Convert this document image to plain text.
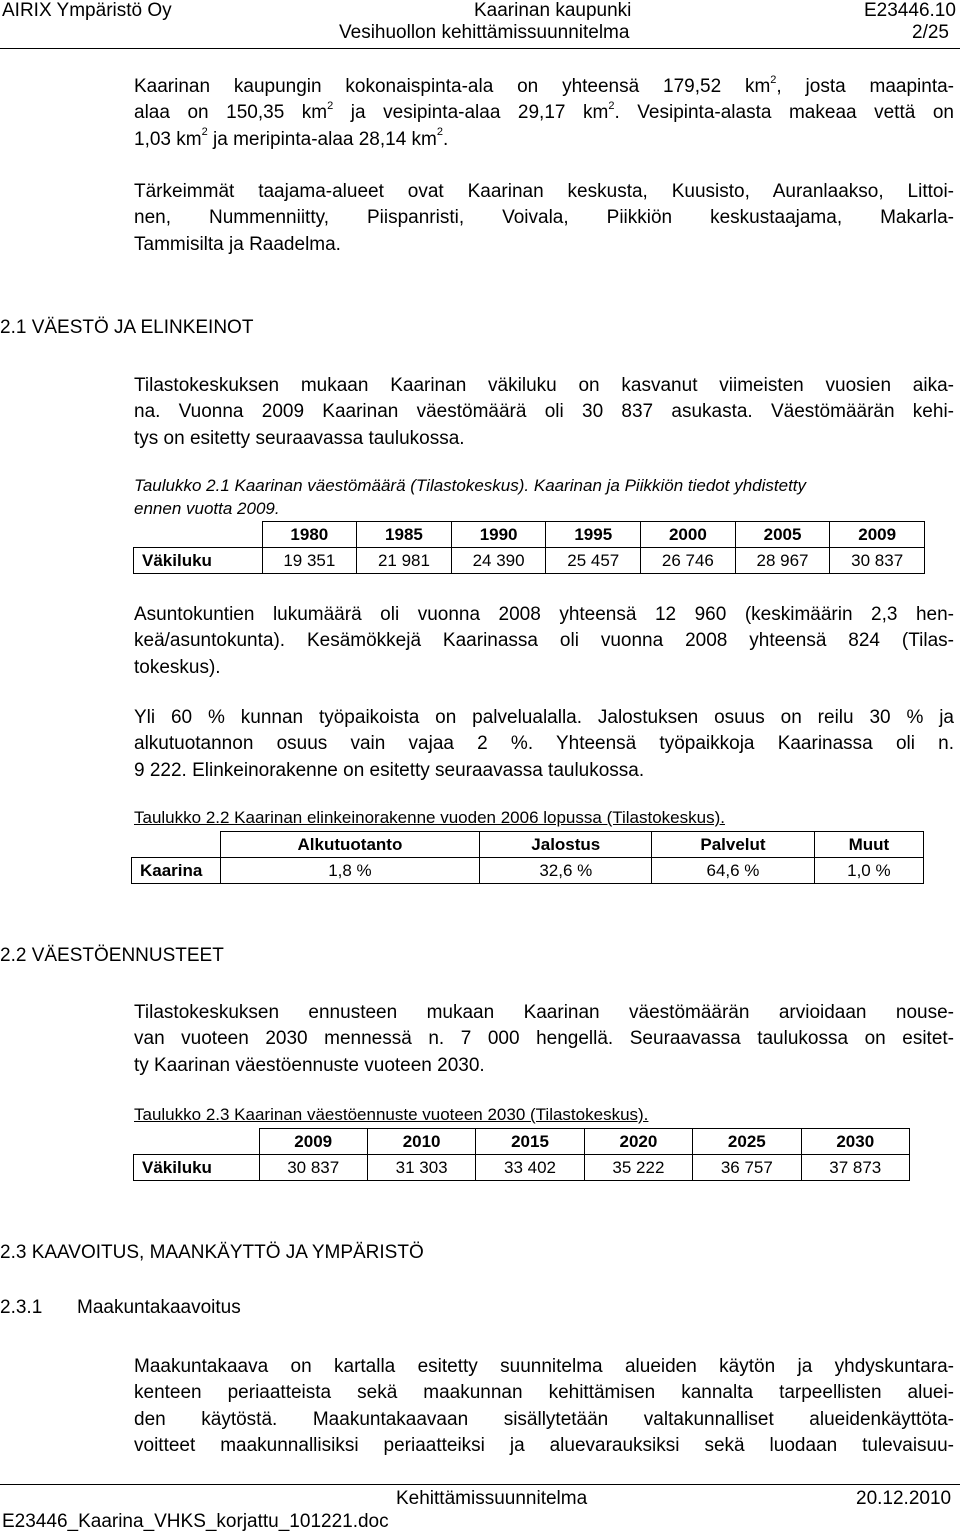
AIRIX Ympäristö Oy	Kaarinan kaupunki	E23446.10
Vesihuollon kehittämissuunnitelma	2/25
Kaarinan kaupungin kokonaispinta-ala on yhteensä 179,52 $km^2$, josta maapinta-
alaa on 150,35 $km^2$ ja vesipinta-alaa 29,17 $km^2$. Vesipinta-alasta makeaa vettä on
1,03 $km^2$ ja meripinta-alaa 28,14 $km^2$.
Tärkeimmät taajama-alueet ovat Kaarinan keskusta, Kuusisto, Auranlaakso, Littoi-
nen, Nummenniitty, Piispanristi, Voivala, Piikkiön keskustaajama, Makarla-
Tammisilta ja Raadelma.
2.1 VÄESTÖ JA ELINKEINOT
Tilastokeskuksen mukaan Kaarinan väkiluku on kasvanut viimeisten vuosien aika-
na. Vuonna 2009 Kaarinan väestömäärä oli 30 837 asukasta. Väestömäärän kehi-
tys on esitetty seuraavassa taulukossa.
Taulukko 2.1 Kaarinan väestömäärä (Tilastokeskus). Kaarinan ja Piikkiön tiedot yhdistetty
ennen vuotta 2009.
	1980	1985	1990	1995	2000	2005	2009
Väkiluku	19 351	21 981	24 390	25 457	26 746	28 967	30 837
Asuntokuntien lukumäärä oli vuonna 2008 yhteensä 12 960 (keskimäärin 2,3 hen-
keä/asuntokunta). Kesämökkejä Kaarinassa oli vuonna 2008 yhteensä 824 (Tilas-
tokeskus).
Yli 60 % kunnan työpaikoista on palvelualalla. Jalostuksen osuus on reilu 30 % ja
alkutuotannon osuus vain vajaa 2 %. Yhteensä työpaikkoja Kaarinassa oli n.
9 222. Elinkeinorakenne on esitetty seuraavassa taulukossa.
Taulukko 2.2 Kaarinan elinkeinorakenne vuoden 2006 lopussa (Tilastokeskus).
	Alkutuotanto	Jalostus	Palvelut	Muut
Kaarina	1,8 %	32,6 %	64,6 %	1,0 %
2.2 VÄESTÖENNUSTEET
Tilastokeskuksen ennusteen mukaan Kaarinan väestömäärän arvioidaan nouse-
van vuoteen 2030 mennessä n. 7 000 hengellä. Seuraavassa taulukossa on esitet-
ty Kaarinan väestöennuste vuoteen 2030.
Taulukko 2.3 Kaarinan väestöennuste vuoteen 2030 (Tilastokeskus).
	2009	2010	2015	2020	2025	2030
Väkiluku	30 837	31 303	33 402	35 222	36 757	37 873
2.3 KAAVOITUS, MAANKÄYTTÖ JA YMPÄRISTÖ
2.3.1 Maakuntakaavoitus
Maakuntakaava on kartalla esitetty suunnitelma alueiden käytön ja yhdyskuntara-
kenteen periaatteista sekä maakunnan kehittämisen kannalta tarpeellisten aluei-
den käytöstä. Maakuntakaavaan sisällytetään valtakunnalliset alueidenkäyttöta-
voitteet maakunnallisiksi periaatteiksi ja aluevarauksiksi sekä luodaan tulevaisuu-
Kehittämissuunnitelma	20.12.2010
E23446_Kaarina_VHKS_korjattu_101221.doc
